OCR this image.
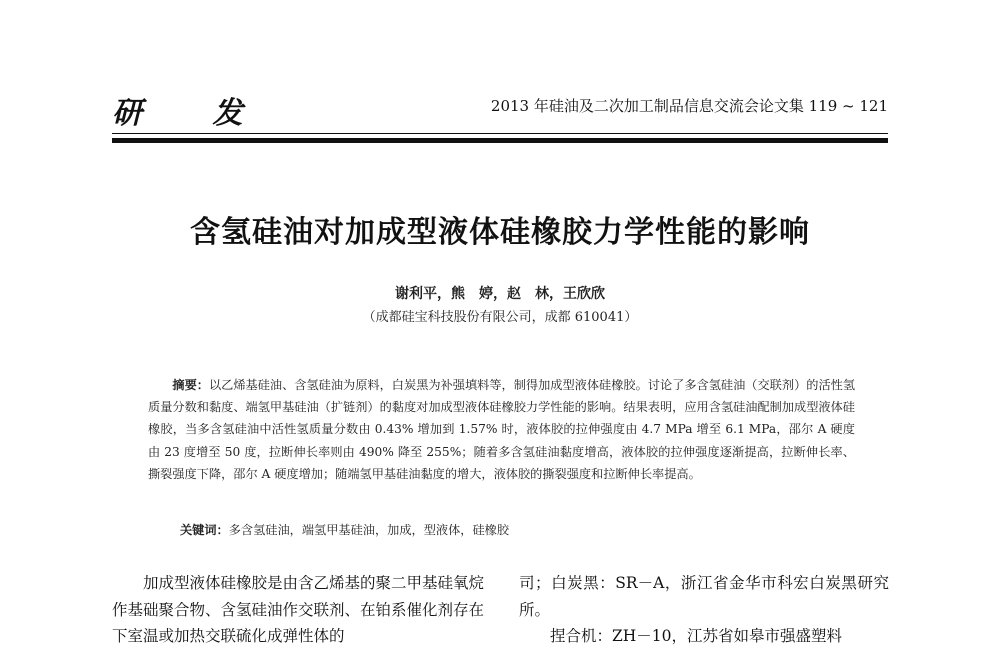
研 发	2013 年硅油及二次加工制品信息交流会论文集 119 ~ 121
含氢硅油对加成型液体硅橡胶力学性能的影响
谢利平，熊　婷，赵　林，王欣欣
（成都硅宝科技股份有限公司，成都 610041）

摘要：以乙烯基硅油、含氢硅油为原料，白炭黑为补强填料等，制得加成型液体硅橡胶。讨论了多含氢硅油（交联剂）的活性氢质量分数和黏度、端氢甲基硅油（扩链剂）的黏度对加成型液体硅橡胶力学性能的影响。结果表明，应用含氢硅油配制加成型液体硅橡胶，当多含氢硅油中活性氢质量分数由 0.43% 增加到 1.57% 时，液体胶的拉伸强度由 4.7 MPa 增至 6.1 MPa，邵尔 A 硬度由 23 度增至 50 度，拉断伸长率则由 490% 降至 255%；随着多含氢硅油黏度增高，液体胶的拉伸强度逐渐提高，拉断伸长率、撕裂强度下降，邵尔 A 硬度增加；随端氢甲基硅油黏度的增大，液体胶的撕裂强度和拉断伸长率提高。

关键词：多含氢硅油，端氢甲基硅油，加成，型液体，硅橡胶

加成型液体硅橡胶是由含乙烯基的聚二甲基硅氧烷作基础聚合物、含氢硅油作交联剂、在铂系催化剂存在下室温或加热交联硫化成弹性体的

司；白炭黑：SR－A，浙江省金华市科宏白炭黑研究所。

捏合机：ZH－10，江苏省如皋市强盛塑料
